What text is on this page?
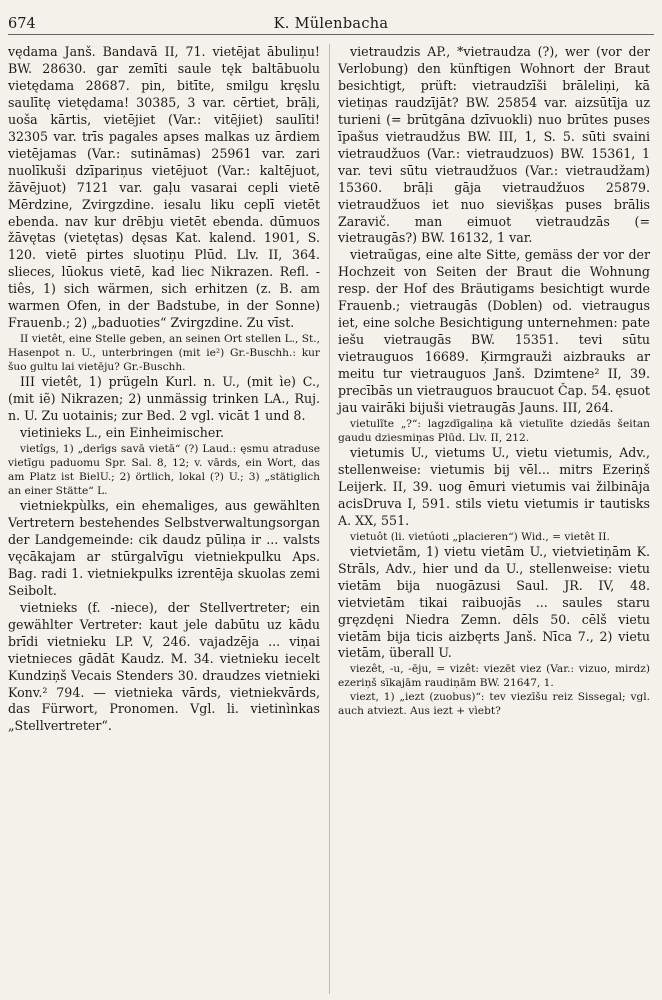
674	K. Mülenbacha

vędama Janš. Bandavā II, 71. vietējat ābuliņu! BW. 28630. gar zemīti saule tęk baltābuolu vietędama 28687. pin, bitīte, smilgu kręslu saulītę vietędama! 30385, 3 var. cērtiet, brāļi, uoša kārtis, vietējiet (Var.: vitējiet) saulīti! 32305 var. trīs pagales apses malkas uz ārdiem vietējamas (Var.: sutināmas) 25961 var. zari nuolīkuši dzīpariņus vietējuot (Var.: kaltējuot, žāvējuot) 7121 var. gaļu vasarai cepli vietē Mērdzine, Zvirgzdine. iesalu liku ceplī vietēt ebenda. nav kur drēbju vietēt ebenda. dūmuos žāvętas (vietętas) dęsas Kat. kalend. 1901, S. 120. vietē pirtes sluotiņu Plūd. Llv. II, 364. slieces, lūokus vietē, kad liec Nikrazen. Refl. -tiês, 1) sich wärmen, sich erhitzen (z. B. am warmen Ofen, in der Badstube, in der Sonne) Frauenb.; 2) „baduoties“ Zvirgzdine. Zu vīst.

II vietêt, eine Stelle geben, an seinen Ort stellen L., St., Hasenpot n. U., unterbringen (mit ie²) Gr.-Buschh.: kur šuo gultu lai vietēju? Gr.-Buschh.

III vietêt, 1) prügeln Kurl. n. U., (mit ìe) C., (mit iẽ) Nikrazen; 2) unmässig trinken LA., Ruj. n. U. Zu uotainis; zur Bed. 2 vgl. vicāt 1 und 8.

vietinieks L., ein Einheimischer.

vietîgs, 1) „derīgs savā vietā“ (?) Laud.: ęsmu atraduse vietīgu paduomu Spr. Sal. 8, 12; v. vārds, ein Wort, das am Platz ist BielU.; 2) örtlich, lokal (?) U.; 3) „stätiglich an einer Stätte“ L.

vietniekpùlks, ein ehemaliges, aus gewählten Vertretern bestehendes Selbstverwaltungsorgan der Landgemeinde: cik daudz pūliņa ir ... valsts vęcākajam ar stūrgalvīgu vietniekpulku Aps. Bag. radi 1. vietniekpulks izrentēja skuolas zemi Seibolt.

vietnieks (f. -niece), der Stellvertreter; ein gewählter Vertreter: kaut jele dabūtu uz kādu brīdi vietnieku LP. V, 246. vajadzēja ... viņai vietnieces gādāt Kaudz. M. 34. vietnieku iecelt Kundziņš Vecais Stenders 30. draudzes vietnieki Konv.² 794. — vietnieka vārds, vietniekvārds, das Fürwort, Pronomen. Vgl. li. vietinìnkas „Stellvertreter“.

vietraudzis AP., *vietraudza (?), wer (vor der Verlobung) den künftigen Wohnort der Braut besichtigt, prüft: vietraudzīši brāleliņi, kā vietiņas raudzījāt? BW. 25854 var. aizsūtīja uz turieni (= brūtgāna dzīvuokli) nuo brūtes puses īpašus vietraudžus BW. III, 1, S. 5. sūti svaini vietraudžuos (Var.: vietraudzuos) BW. 15361, 1 var. tevi sūtu vietraudžuos (Var.: vietraudžam) 15360. brāļi gāja vietraudžuos 25879. vietraudžuos iet nuo sievišķas puses brālis Zaravič. man eimuot vietraudzās (= vietraugās?) BW. 16132, 1 var.

vietraũgas, eine alte Sitte, gemäss der vor der Hochzeit von Seiten der Braut die Wohnung resp. der Hof des Bräutigams besichtigt wurde Frauenb.; vietraugās (Doblen) od. vietraugus iet, eine solche Besichtigung unternehmen: pate iešu vietraugās BW. 15351. tevi sūtu vietrauguos 16689. Ķirmgrauži aizbrauks ar meitu tur vietrauguos Janš. Dzimtene² II, 39. precībās un vietrauguos braucuot Čap. 54. ęsuot jau vairāki bijuši vietraugās Jauns. III, 264.

vietulĩte „?“: lagzdīgaliņa kā vietulīte dziedās šeitan gaudu dziesmiņas Plūd. Llv. II, 212.

vietumis U., vietums U., vietu vietumis, Adv., stellenweise: vietumis bij vēl... mitrs Ezeriņš Leijerk. II, 39. uog ēmuri vietumis vai žilbināja acisDruva I, 591. stils vietu vietumis ir tautisks A. XX, 551.

vietuôt (li. vietúoti „placieren“) Wid., = vietêt II.

vietvietãm, 1) vietu vietām U., vietvietiņām K. Strāls, Adv., hier und da U., stellenweise: vietu vietām bija nuogāzusi Saul. JR. IV, 48. vietvietām tikai raibuojās ... saules staru gręzdęni Niedra Zemn. dēls 50. cēlš vietu vietām bija ticis aizbęrts Janš. Nīca 7., 2) vietu vietām, überall U.

viezêt, -u, -ēju, = vizêt: viezēt viez (Var.: vizuo, mirdz) ezeriņš sīkajām raudiņām BW. 21647, 1.

viezt, 1) „iezt (zuobus)“: tev viezīšu reiz Sissegal; vgl. auch atviezt. Aus iezt + vìebt?
